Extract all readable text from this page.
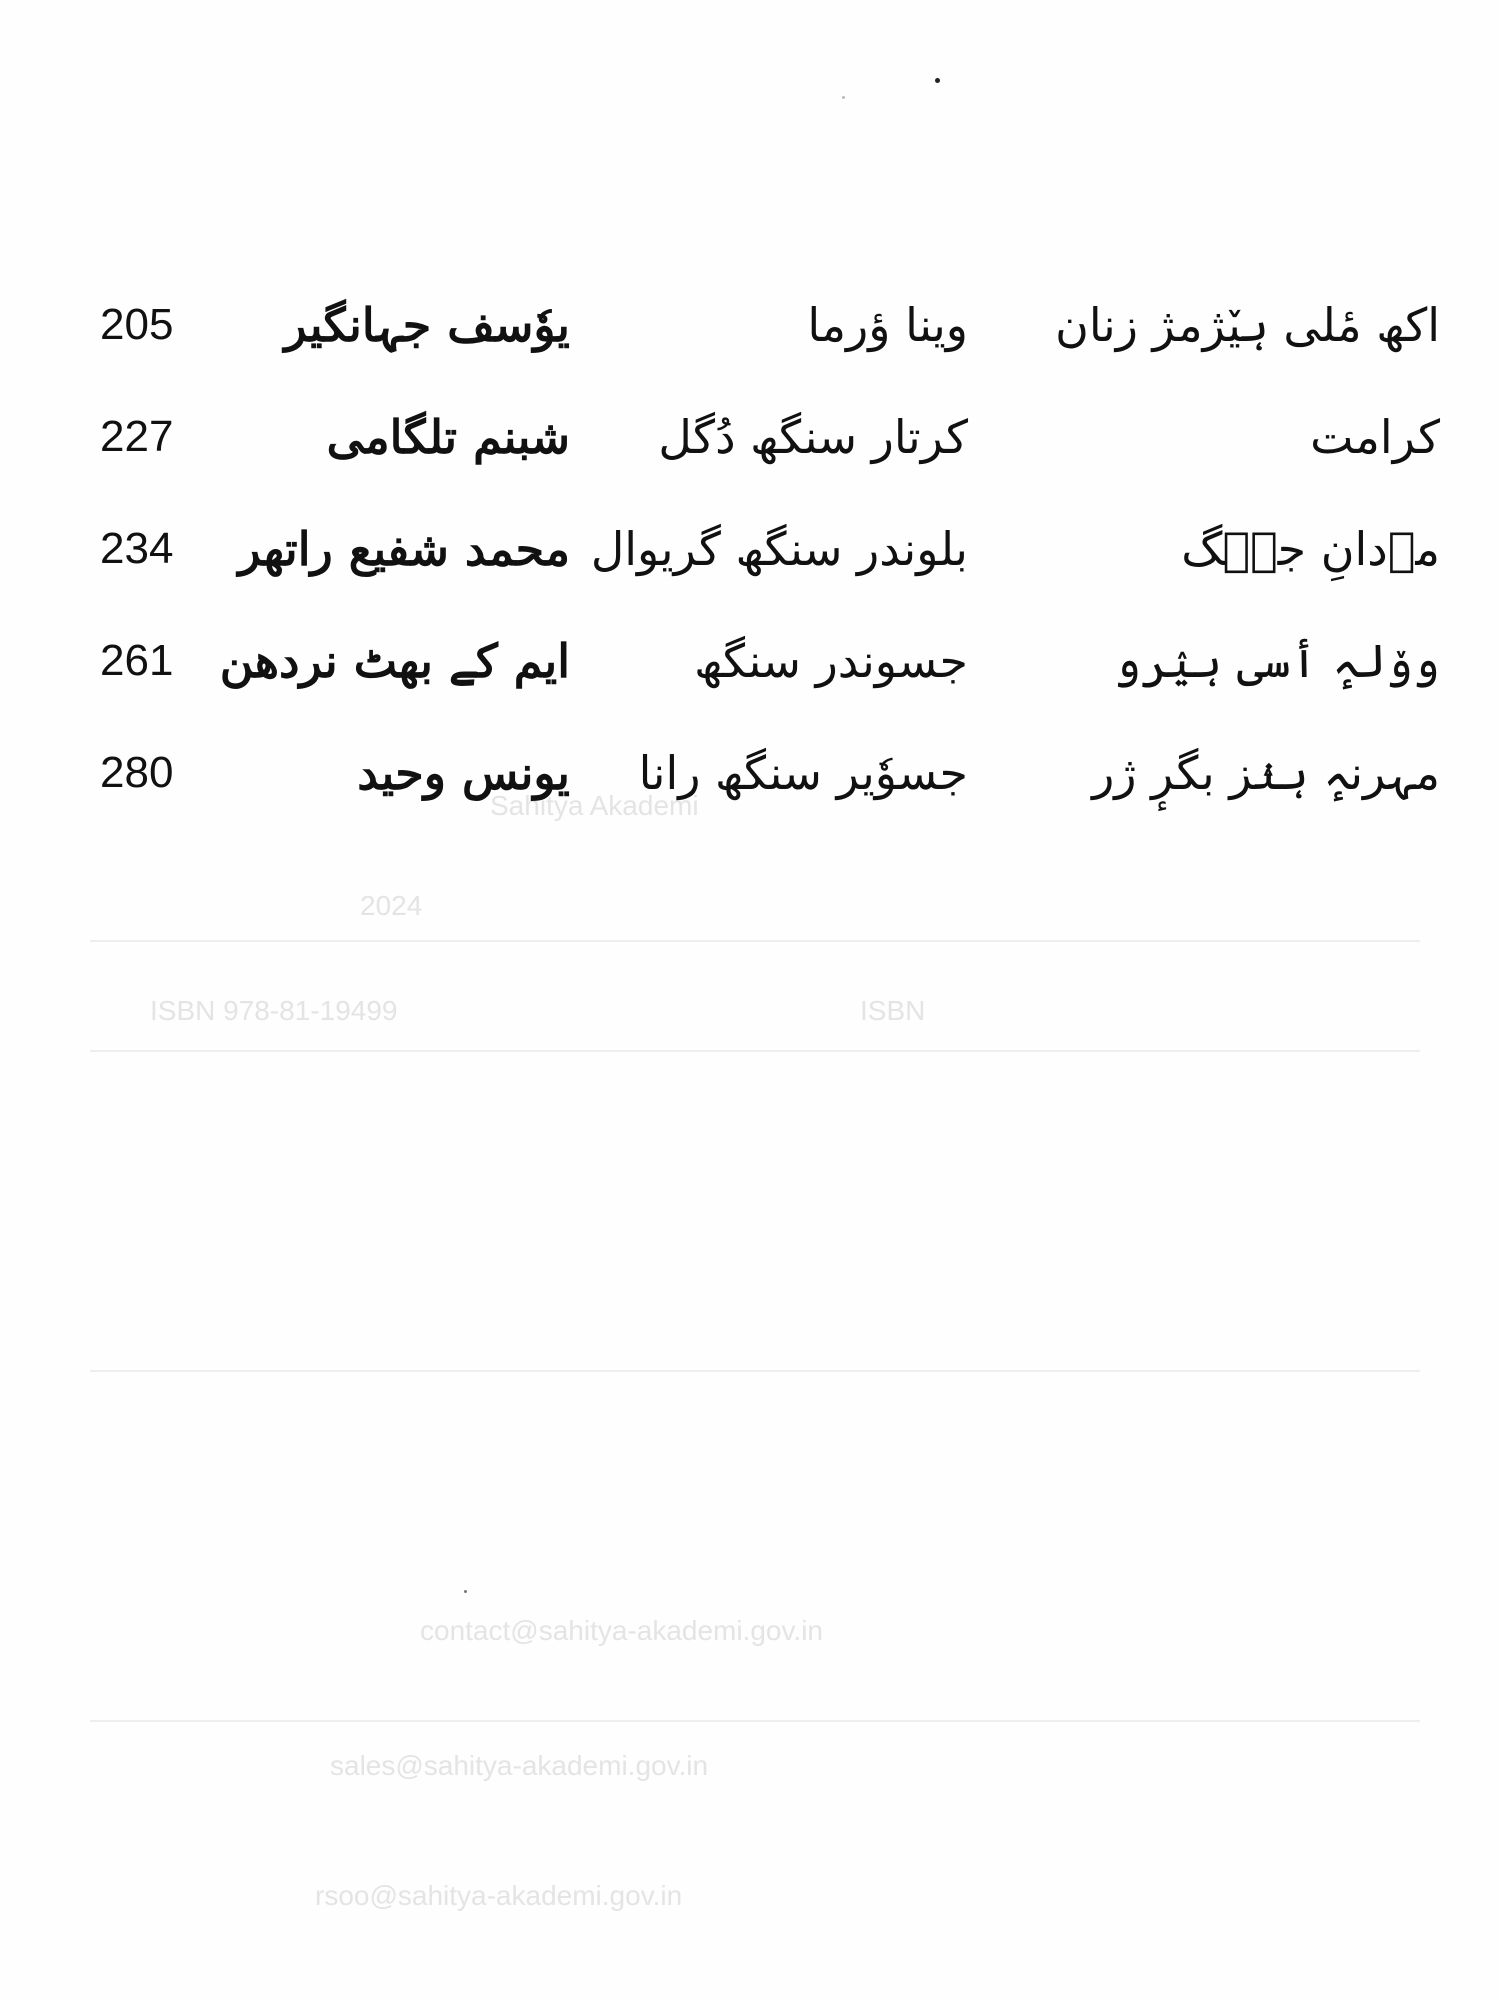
Sahitya Akademi
2024
ISBN 978-81-19499	ISBN
contact@sahitya-akademi.gov.in
sales@sahitya-akademi.gov.in
rsoo@sahitya-akademi.gov.in
اکھ مٔلی ہیٚژمژ زنان
وینا ؤرما
یوٗسف جہانگیر
205
کرامت
کرتار سنگھ دُگل
شبنم تلگامی
227
مٲدانِ جنٛگ
بلوندر سنگھ گریوال
محمد شفیع راتھر
234
ووٚلہٕ أسی ہیٛرو
جسوندر سنگھ
ایم کے بھٹ نردھن
261
مہرنہٕ ہنٛز بگرٕ ژر
جسوٗیر سنگھ رانا
یونس وحید
280
